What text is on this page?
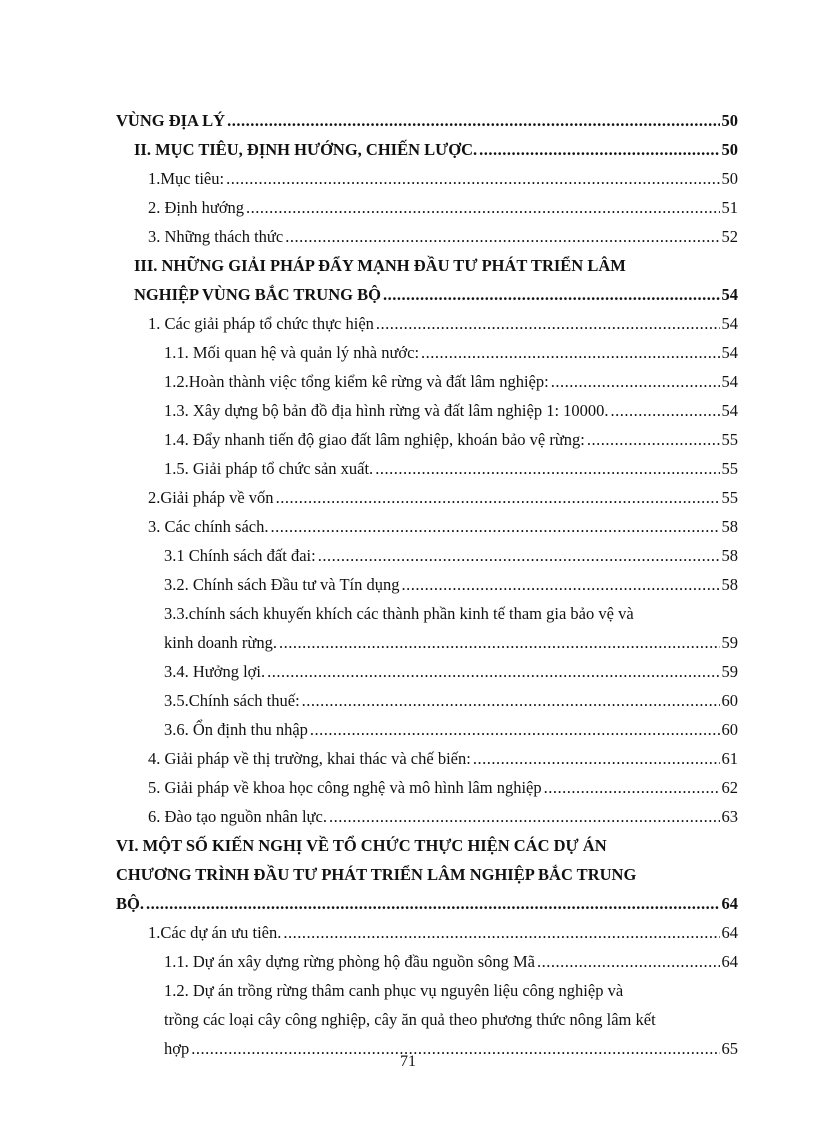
VÙNG ĐỊA LÝ .....	50
II. MỤC TIÊU, ĐỊNH HƯỚNG, CHIẾN LƯỢC. .....	50
1.Mục tiêu: .....	50
2. Định hướng .....	51
3. Những thách thức .....	52
III. NHỮNG GIẢI PHÁP ĐẨY MẠNH ĐẦU TƯ PHÁT TRIỂN LÂM
NGHIỆP VÙNG BẮC TRUNG BỘ .....	54
1. Các giải pháp tổ chức thực hiện .....	54
1.1. Mối quan hệ và quản lý nhà nước: .....	54
1.2.Hoàn thành việc tổng kiểm kê rừng và đất lâm nghiệp: .....	54
1.3. Xây dựng bộ bản đồ địa hình rừng và đất lâm nghiệp 1: 10000. .....	54
1.4. Đẩy nhanh tiến độ giao đất lâm nghiệp, khoán bảo vệ rừng: .....	55
1.5. Giải pháp tổ chức sản xuất. .....	55
2.Giải pháp về vốn .....	55
3. Các chính sách. .....	58
3.1 Chính sách đất đai: .....	58
3.2. Chính sách Đầu tư và Tín dụng .....	58
3.3.chính sách khuyến khích các thành phần kinh tế tham gia bảo vệ và
kinh doanh rừng. .....	59
3.4. Hưởng lợi. .....	59
3.5.Chính sách thuế: .....	60
3.6. Ổn định thu nhập .....	60
4. Giải pháp về thị trường, khai thác và chế biến: .....	61
5. Giải pháp về khoa học công nghệ và mô hình lâm nghiệp .....	62
6. Đào tạo nguồn nhân lực. .....	63
VI. MỘT SỐ KIẾN NGHỊ VỀ TỔ CHỨC THỰC HIỆN CÁC DỰ ÁN
CHƯƠNG TRÌNH ĐẦU TƯ PHÁT TRIỂN LÂM NGHIỆP BẮC TRUNG
BỘ. .....	64
1.Các dự án ưu tiên. .....	64
1.1. Dự án xây dựng rừng phòng hộ đầu nguồn sông Mã .....	64
1.2. Dự án trồng rừng thâm canh phục vụ nguyên liệu công nghiệp và
trồng các loại cây công nghiệp, cây ăn quả theo phương thức nông lâm kết
hợp .....	65
71
